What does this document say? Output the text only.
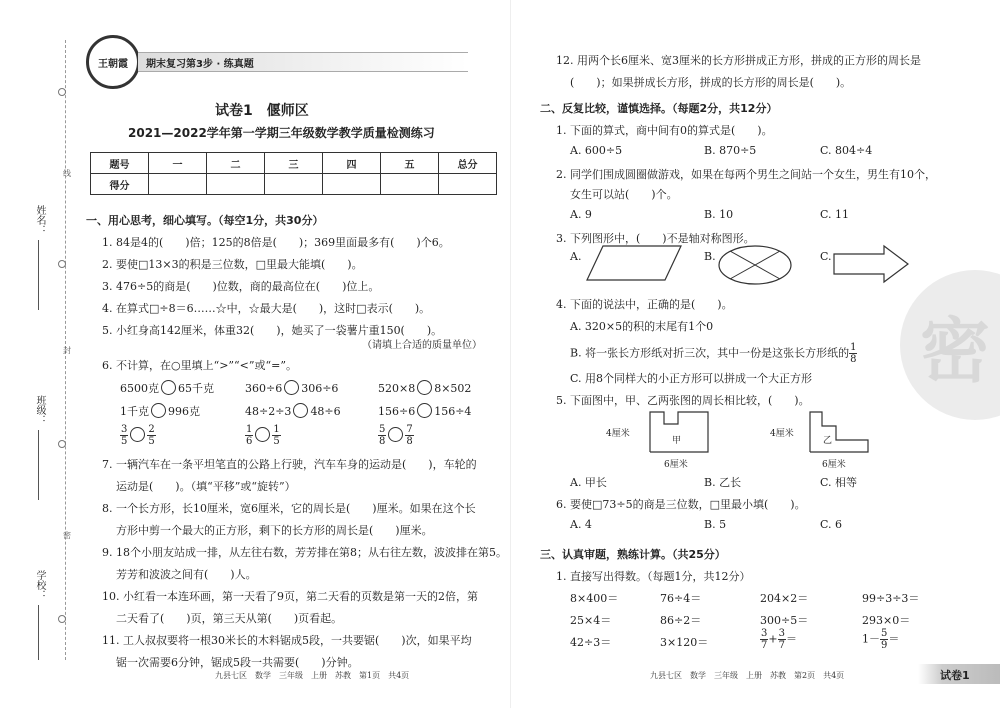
线
封
密
姓名：
班级：
学校：
王朝霞 期末复习第3步 · 练真题
试卷1　偃师区
2021—2022学年第一学期三年级数学教学质量检测练习
题号	一	二	三	四	五	总分
得分						
一、用心思考，细心填写。（每空1分，共30分）
1. 84是4的(　　)倍；125的8倍是(　　)；369里面最多有(　　)个6。
2. 要使□13×3的积是三位数，□里最大能填(　　)。
3. 476÷5的商是(　　)位数，商的最高位在(　　)位上。
4. 在算式□÷8＝6……☆中，☆最大是(　　)，这时□表示(　　)。
5. 小红身高142厘米，体重32(　　)，她买了一袋薯片重150(　　)。
（请填上合适的质量单位）
6. 不计算，在○里填上“>”“<”或“=”。
6500克 65千克	360÷6 306÷6	520×8 8×502
1千克 996克	48÷2÷3 48÷6	156÷6 156÷4
$\frac{3}{5} \frac{2}{5}$	$\frac{1}{6} \frac{1}{5}$	$\frac{5}{8} \frac{7}{8}$
7. 一辆汽车在一条平坦笔直的公路上行驶，汽车车身的运动是(　　)，车轮的
运动是(　　)。（填“平移”或“旋转”）
8. 一个长方形，长10厘米，宽6厘米，它的周长是(　　)厘米。如果在这个长
方形中剪一个最大的正方形，剩下的长方形的周长是(　　)厘米。
9. 18个小朋友站成一排，从左往右数，芳芳排在第8；从右往左数，波波排在第5。
芳芳和波波之间有(　　)人。
10. 小红看一本连环画，第一天看了9页，第二天看的页数是第一天的2倍，第
二天看了(　　)页，第三天从第(　　)页看起。
11. 工人叔叔要将一根30米长的木料锯成5段，一共要锯(　　)次，如果平均
锯一次需要6分钟，锯成5段一共需要(　　)分钟。
九县七区　数学　三年级　上册　苏教　第1页　共4页
密
12. 用两个长6厘米、宽3厘米的长方形拼成正方形，拼成的正方形的周长是
(　　)；如果拼成长方形，拼成的长方形的周长是(　　)。
二、反复比较，谨慎选择。（每题2分，共12分）
1. 下面的算式，商中间有0的算式是(　　)。
A. 600÷5	B. 870÷5	C. 804÷4
2. 同学们围成圆圈做游戏，如果在每两个男生之间站一个女生，男生有10个，
女生可以站(　　)个。
A. 9	B. 10	C. 11
3. 下列图形中，(　　)不是轴对称图形。
A.	B.	C.
4. 下面的说法中，正确的是(　　)。
A. 320×5的积的末尾有1个0
B. 将一张长方形纸对折三次，其中一份是这张长方形纸的 $\frac{1}{8}$
C. 用8个同样大的小正方形可以拼成一个大正方形
5. 下面图中，甲、乙两张图的周长相比较，(　　)。
4厘米
甲
6厘米
4厘米
乙
6厘米
A. 甲长	B. 乙长	C. 相等
6. 要使□73÷5的商是三位数，□里最小填(　　)。
A. 4	B. 5	C. 6
三、认真审题，熟练计算。（共25分）
1. 直接写出得数。（每题1分，共12分）
8×400＝	76÷4＝	204×2＝	99÷3÷3＝
25×4＝	86÷2＝	300÷5＝	293×0＝
42÷3＝	3×120＝	$\frac{3}{7} + \frac{3}{7}$ ＝	$1- \frac{5}{9}$ ＝
九县七区　数学　三年级　上册　苏教　第2页　共4页	试卷1
